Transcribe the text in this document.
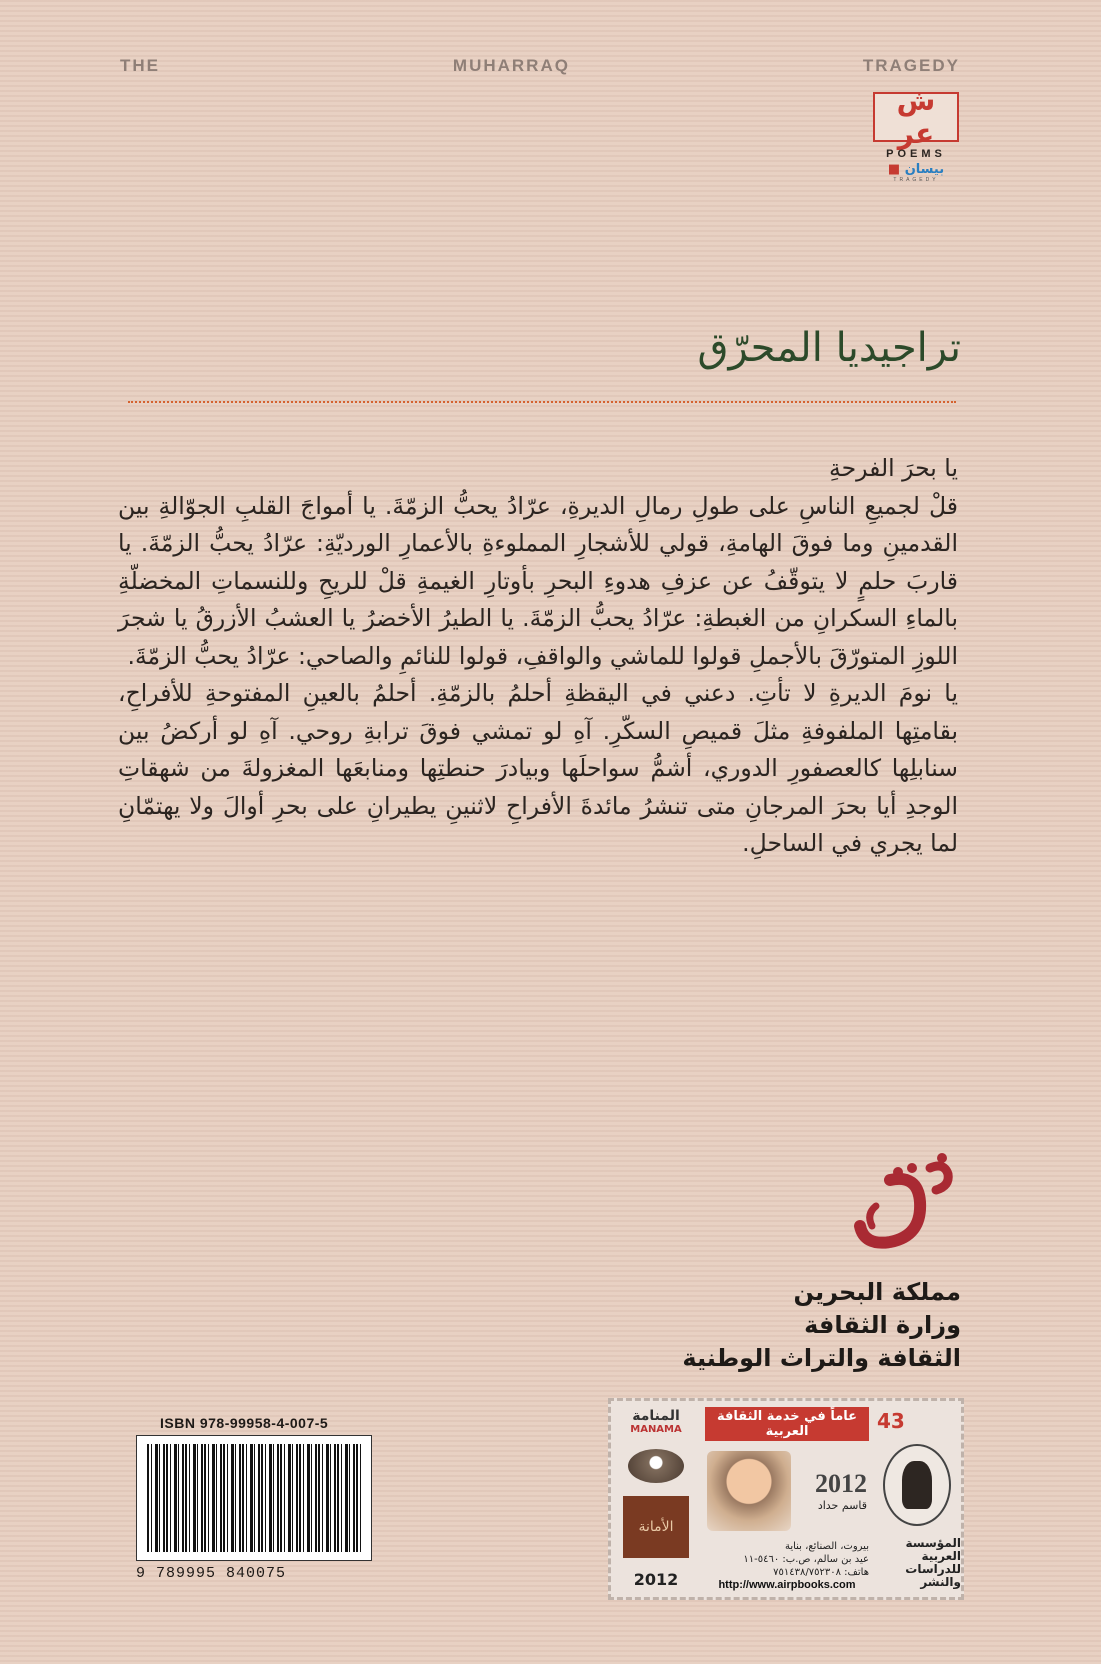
THE	MUHARRAQ	TRAGEDY
ش عر
POEMS
■ بيسان
TRAGEDY
تراجيديا المحرّق

يا بحرَ الفرحةِ

قلْ لجميعِ الناسِ على طولِ رمالِ الديرةِ، عرّادُ يحبُّ الزمّةَ. يا أمواجَ القلبِ الجوّالةِ بين القدمينِ وما فوقَ الهامةِ، قولي للأشجارِ المملوءةِ بالأعمارِ الورديّةِ: عرّادُ يحبُّ الزمّةَ. يا قاربَ حلمٍ لا يتوقّفُ عن عزفِ هدوءِ البحرِ بأوتارِ الغيمةِ قلْ للريحِ وللنسماتِ المخضلّةِ بالماءِ السكرانِ من الغبطةِ: عرّادُ يحبُّ الزمّةَ. يا الطيرُ الأخضرُ يا العشبُ الأزرقُ يا شجرَ اللوزِ المتورّقَ بالأجملِ قولوا للماشي والواقفِ، قولوا للنائمِ والصاحي: عرّادُ يحبُّ الزمّةَ.

يا نومَ الديرةِ لا تأتِ. دعني في اليقظةِ أحلمُ بالزمّةِ. أحلمُ بالعينِ المفتوحةِ للأفراحِ، بقامتِها الملفوفةِ مثلَ قميصِ السكّرِ. آهِ لو تمشي فوقَ ترابةِ روحي. آهِ لو أركضُ بين سنابلِها كالعصفورِ الدوري، أشمُّ سواحلَها وبيادرَ حنطتِها ومنابعَها المغزولةَ من شهقاتِ الوجدِ أيا بحرَ المرجانِ متى تنشرُ مائدةَ الأفراحِ لاثنينِ يطيرانِ على بحرِ أوالَ ولا يهتمّانِ لما يجري في الساحلِ.

مملكة البحرين
وزارة الثقافة
الثقافة والتراث الوطنية
ISBN 978-99958-4-007-5
9 789995 840075
المنامة
MANAMA
الأمانة
2012
عاماً في خدمة الثقافة العربية
2012
قاسم حداد
بيروت، الصنائع، بناية
عيد بن سالم، ص.ب: ٥٤٦٠-١١
هاتف: ٧٥١٤٣٨/٧٥٢٣٠٨
http://www.airpbooks.com
43
المؤسسة العربية للدراسات والنشر
